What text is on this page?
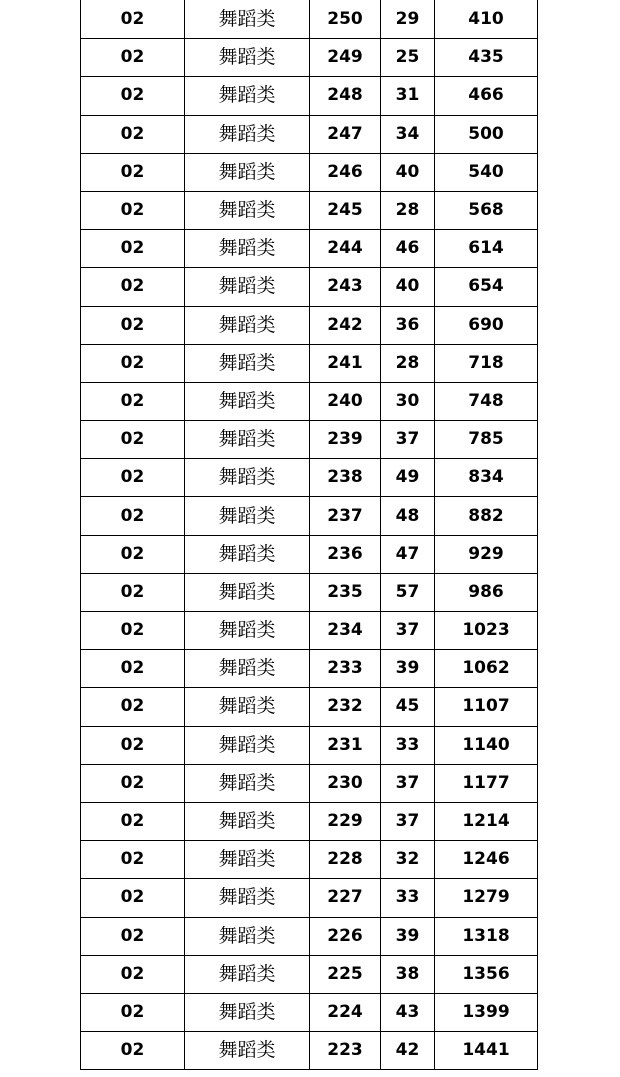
02	舞蹈类	250	29	410
02	舞蹈类	249	25	435
02	舞蹈类	248	31	466
02	舞蹈类	247	34	500
02	舞蹈类	246	40	540
02	舞蹈类	245	28	568
02	舞蹈类	244	46	614
02	舞蹈类	243	40	654
02	舞蹈类	242	36	690
02	舞蹈类	241	28	718
02	舞蹈类	240	30	748
02	舞蹈类	239	37	785
02	舞蹈类	238	49	834
02	舞蹈类	237	48	882
02	舞蹈类	236	47	929
02	舞蹈类	235	57	986
02	舞蹈类	234	37	1023
02	舞蹈类	233	39	1062
02	舞蹈类	232	45	1107
02	舞蹈类	231	33	1140
02	舞蹈类	230	37	1177
02	舞蹈类	229	37	1214
02	舞蹈类	228	32	1246
02	舞蹈类	227	33	1279
02	舞蹈类	226	39	1318
02	舞蹈类	225	38	1356
02	舞蹈类	224	43	1399
02	舞蹈类	223	42	1441
